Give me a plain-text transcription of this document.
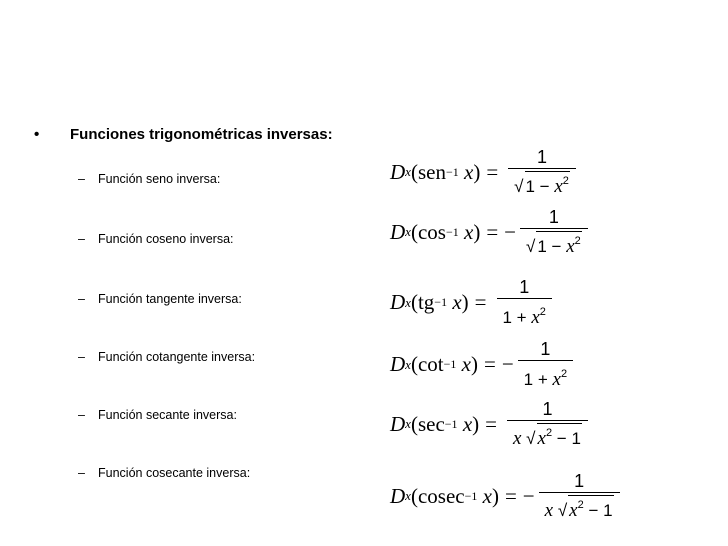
• Funciones trigonométricas inversas:
– Función seno inversa:	D x ( sen −1
x ) = $\frac{1}{√ 1 - x^2}$
– Función coseno inversa:	D x ( cos −1
x ) = − $\frac{1}{√ 1 - x^2}$
– Función tangente inversa:	D x ( tg −1
x ) = $\frac{1}{1 + x^2}$
– Función cotangente inversa:	D x ( cot −1
x ) = − $\frac{1}{1 + x^2}$
– Función secante inversa:	D x ( sec −1
x ) = $\frac{1}{x √ x^2 - 1}$
– Función cosecante inversa:
D x ( cosec −1
x ) = − $\frac{1}{x √ x^2 - 1}$
